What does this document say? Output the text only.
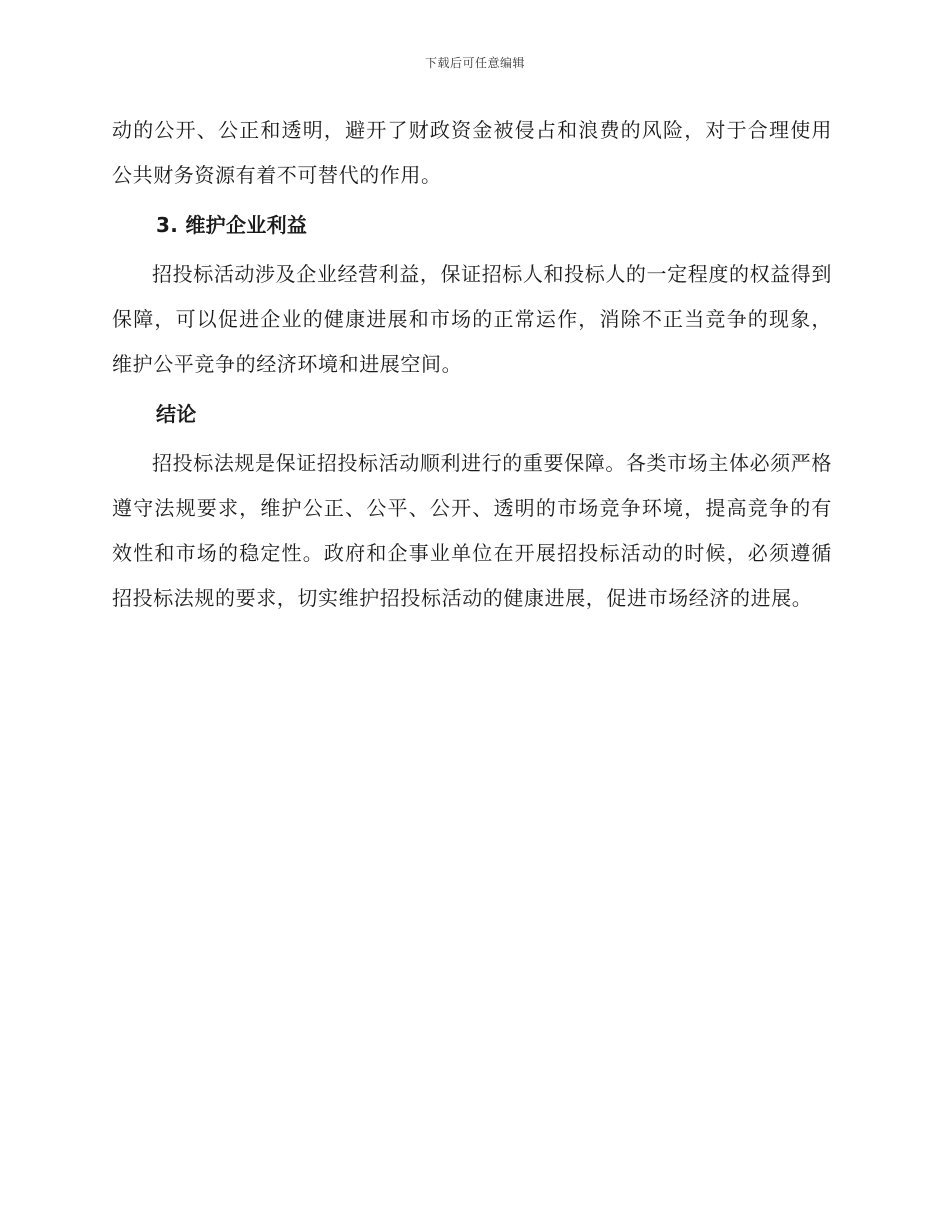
下载后可任意编辑

动的公开、公正和透明，避开了财政资金被侵占和浪费的风险，对于合理使用公共财务资源有着不可替代的作用。

3. 维护企业利益

招投标活动涉及企业经营利益，保证招标人和投标人的一定程度的权益得到保障，可以促进企业的健康进展和市场的正常运作，消除不正当竞争的现象，维护公平竞争的经济环境和进展空间。

结论

招投标法规是保证招投标活动顺利进行的重要保障。各类市场主体必须严格遵守法规要求，维护公正、公平、公开、透明的市场竞争环境，提高竞争的有效性和市场的稳定性。政府和企事业单位在开展招投标活动的时候，必须遵循招投标法规的要求，切实维护招投标活动的健康进展，促进市场经济的进展。
